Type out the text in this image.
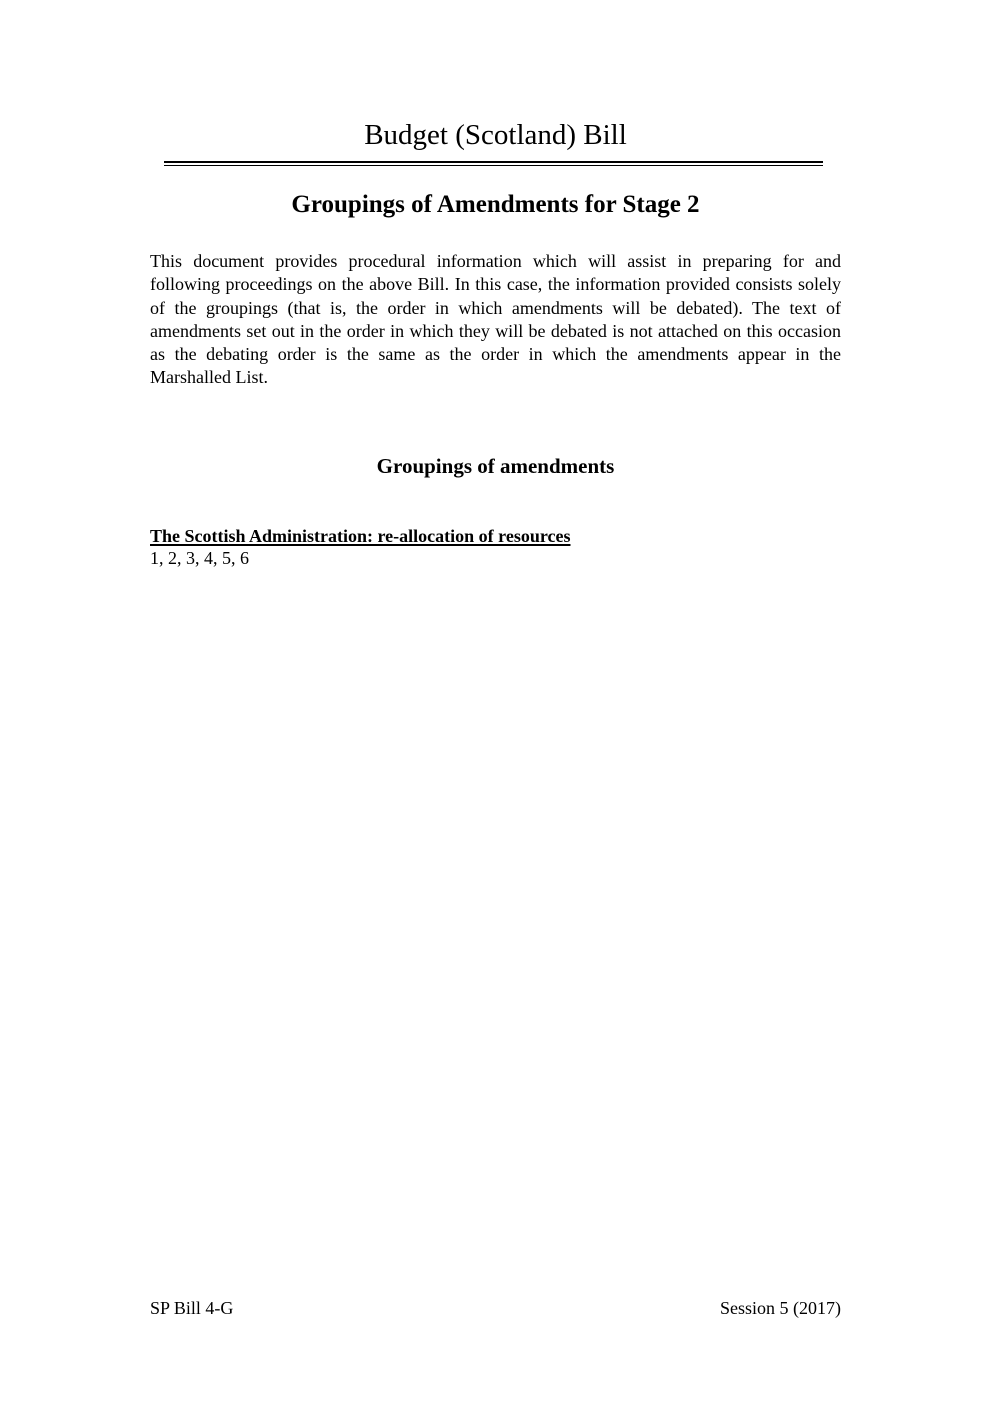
Budget (Scotland) Bill
Groupings of Amendments for Stage 2

This document provides procedural information which will assist in preparing for and following proceedings on the above Bill. In this case, the information provided consists solely of the groupings (that is, the order in which amendments will be debated). The text of amendments set out in the order in which they will be debated is not attached on this occasion as the debating order is the same as the order in which the amendments appear in the Marshalled List.

Groupings of amendments

The Scottish Administration: re-allocation of resources

1, 2, 3, 4, 5, 6

SP Bill 4-G	Session 5 (2017)
